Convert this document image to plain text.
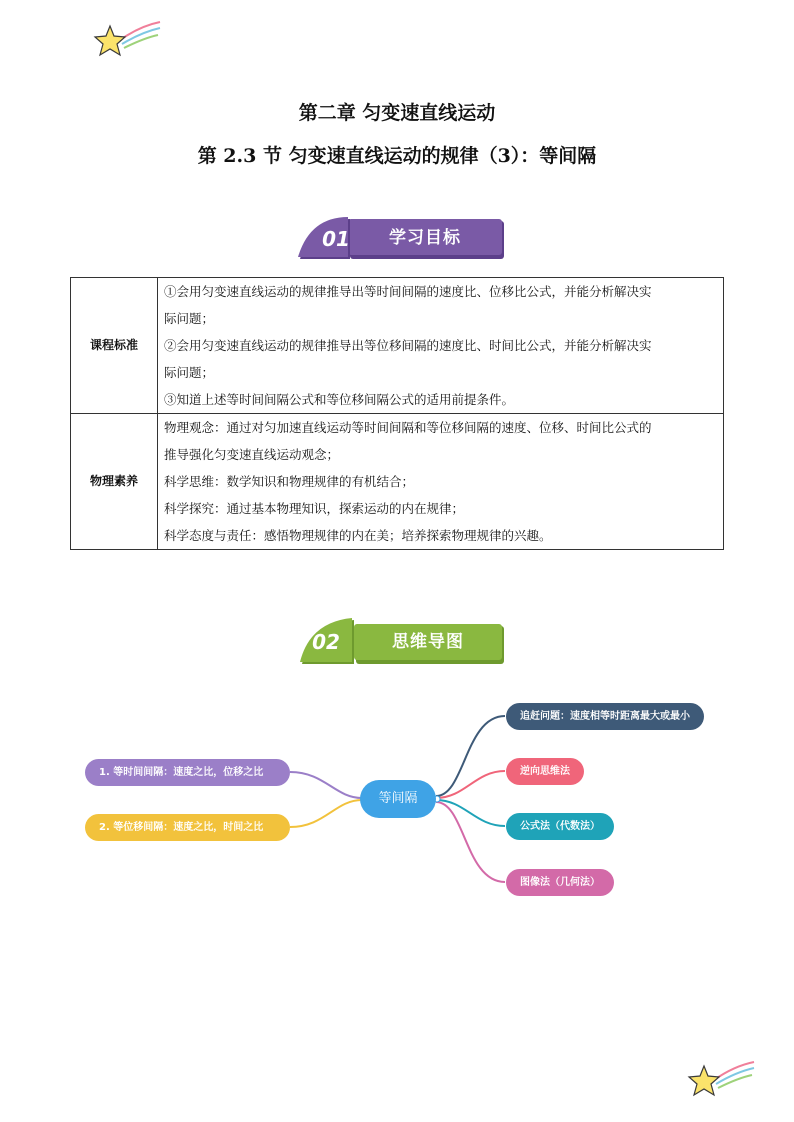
第二章 匀变速直线运动
第 2.3 节 匀变速直线运动的规律（3）：等间隔
01	学习目标
课程标准	①会用匀变速直线运动的规律推导出等时间间隔的速度比、位移比公式，并能分析解决实

际问题；

②会用匀变速直线运动的规律推导出等位移间隔的速度比、时间比公式，并能分析解决实

际问题；

③知道上述等时间间隔公式和等位移间隔公式的适用前提条件。

物理素养	物理观念：通过对匀加速直线运动等时间间隔和等位移间隔的速度、位移、时间比公式的

推导强化匀变速直线运动观念；

科学思维：数学知识和物理规律的有机结合；

科学探究：通过基本物理知识，探索运动的内在规律；

科学态度与责任：感悟物理规律的内在美；培养探索物理规律的兴趣。

02	思维导图
等间隔
1. 等时间间隔：速度之比，位移之比
2. 等位移间隔：速度之比，时间之比
追赶问题：速度相等时距离最大或最小
逆向思维法
公式法（代数法）
图像法（几何法）
